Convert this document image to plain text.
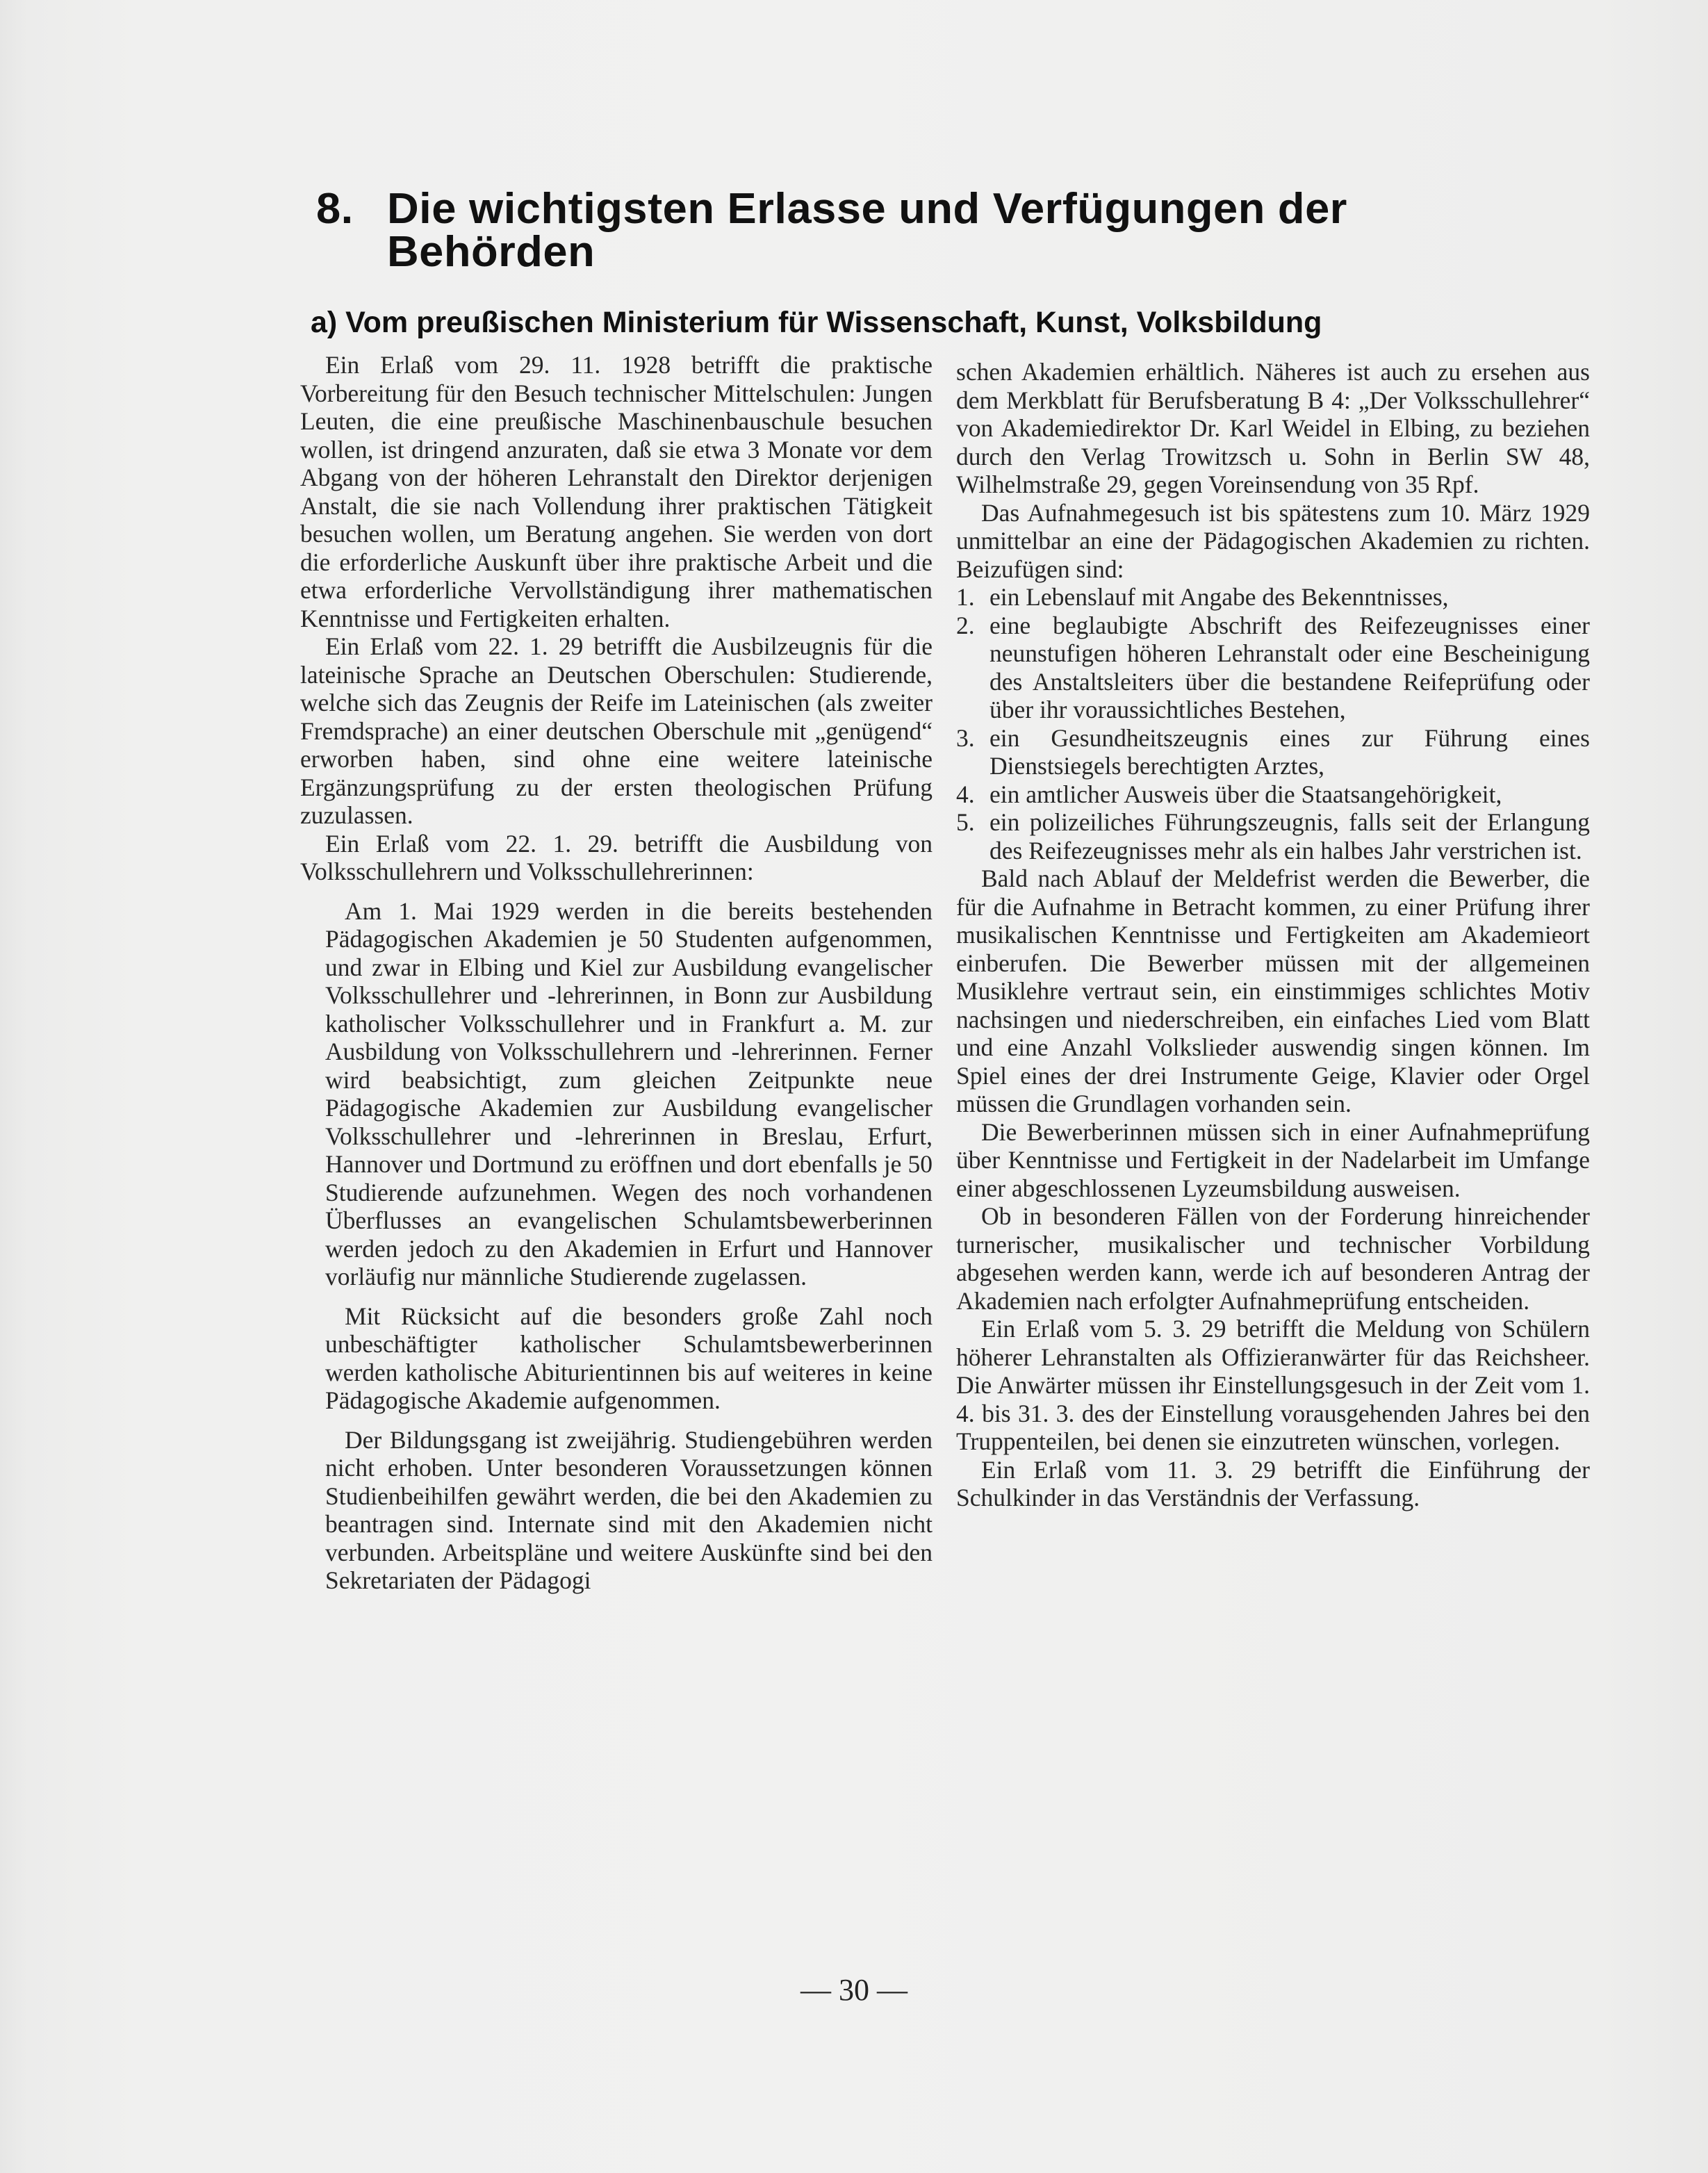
8. Die wichtigsten Erlasse und Verfügungen der
Behörden
a) Vom preußischen Ministerium für Wissenschaft, Kunst, Volksbildung

Ein Erlaß vom 29. 11. 1928 betrifft die praktische Vorbereitung für den Besuch technischer Mittelschulen: Jungen Leuten, die eine preußische Maschinenbauschule besuchen wollen, ist dringend anzuraten, daß sie etwa 3 Monate vor dem Abgang von der höheren Lehranstalt den Direktor derjenigen Anstalt, die sie nach Vollendung ihrer praktischen Tätigkeit besuchen wollen, um Beratung angehen. Sie werden von dort die erforderliche Auskunft über ihre praktische Arbeit und die etwa erforderliche Vervollständigung ihrer mathematischen Kenntnisse und Fertigkeiten erhalten.

Ein Erlaß vom 22. 1. 29 betrifft die Ausbilzeugnis für die lateinische Sprache an Deutschen Oberschulen: Studierende, welche sich das Zeugnis der Reife im Lateinischen (als zweiter Fremdsprache) an einer deutschen Oberschule mit „genügend“ erworben haben, sind ohne eine weitere lateinische Ergänzungsprüfung zu der ersten theologischen Prüfung zuzulassen.

Ein Erlaß vom 22. 1. 29. betrifft die Ausbildung von Volksschullehrern und Volksschullehrerinnen:

Am 1. Mai 1929 werden in die bereits bestehenden Pädagogischen Akademien je 50 Studenten aufgenommen, und zwar in Elbing und Kiel zur Ausbildung evangelischer Volksschullehrer und -lehrerinnen, in Bonn zur Ausbildung katholischer Volksschullehrer und in Frankfurt a. M. zur Ausbildung von Volksschullehrern und -lehrerinnen. Ferner wird beabsichtigt, zum gleichen Zeitpunkte neue Pädagogische Akademien zur Ausbildung evangelischer Volksschullehrer und -lehrerinnen in Breslau, Erfurt, Hannover und Dortmund zu eröffnen und dort ebenfalls je 50 Studierende aufzunehmen. Wegen des noch vorhandenen Überflusses an evangelischen Schulamtsbewerberinnen werden jedoch zu den Akademien in Erfurt und Hannover vorläufig nur männliche Studierende zugelassen.

Mit Rücksicht auf die besonders große Zahl noch unbeschäftigter katholischer Schulamtsbewerberinnen werden katholische Abiturientinnen bis auf weiteres in keine Pädagogische Akademie aufgenommen.

Der Bildungsgang ist zweijährig. Studiengebühren werden nicht erhoben. Unter besonderen Voraussetzungen können Studienbeihilfen gewährt werden, die bei den Akademien zu beantragen sind. Internate sind mit den Akademien nicht verbunden. Arbeitspläne und weitere Auskünfte sind bei den Sekretariaten der Pädagogi

schen Akademien erhältlich. Näheres ist auch zu ersehen aus dem Merkblatt für Berufsberatung B 4: „Der Volksschullehrer“ von Akademiedirektor Dr. Karl Weidel in Elbing, zu beziehen durch den Verlag Trowitzsch u. Sohn in Berlin SW 48, Wilhelmstraße 29, gegen Voreinsendung von 35 Rpf.

Das Aufnahmegesuch ist bis spätestens zum 10. März 1929 unmittelbar an eine der Pädagogischen Akademien zu richten. Beizufügen sind:

1. ein Lebenslauf mit Angabe des Bekenntnisses,
2. eine beglaubigte Abschrift des Reifezeugnisses einer neunstufigen höheren Lehranstalt oder eine Bescheinigung des Anstaltsleiters über die bestandene Reifeprüfung oder über ihr voraussichtliches Bestehen,
3. ein Gesundheitszeugnis eines zur Führung eines Dienstsiegels berechtigten Arztes,
4. ein amtlicher Ausweis über die Staatsangehörigkeit,
5. ein polizeiliches Führungszeugnis, falls seit der Erlangung des Reifezeugnisses mehr als ein halbes Jahr verstrichen ist.

Bald nach Ablauf der Meldefrist werden die Bewerber, die für die Aufnahme in Betracht kommen, zu einer Prüfung ihrer musikalischen Kenntnisse und Fertigkeiten am Akademieort einberufen. Die Bewerber müssen mit der allgemeinen Musiklehre vertraut sein, ein einstimmiges schlichtes Motiv nachsingen und niederschreiben, ein einfaches Lied vom Blatt und eine Anzahl Volkslieder auswendig singen können. Im Spiel eines der drei Instrumente Geige, Klavier oder Orgel müssen die Grundlagen vorhanden sein.

Die Bewerberinnen müssen sich in einer Aufnahmeprüfung über Kenntnisse und Fertigkeit in der Nadelarbeit im Umfange einer abgeschlossenen Lyzeumsbildung ausweisen.

Ob in besonderen Fällen von der Forderung hinreichender turnerischer, musikalischer und technischer Vorbildung abgesehen werden kann, werde ich auf besonderen Antrag der Akademien nach erfolgter Aufnahmeprüfung entscheiden.

Ein Erlaß vom 5. 3. 29 betrifft die Meldung von Schülern höherer Lehranstalten als Offizieranwärter für das Reichsheer. Die Anwärter müssen ihr Einstellungsgesuch in der Zeit vom 1. 4. bis 31. 3. des der Einstellung vorausgehenden Jahres bei den Truppenteilen, bei denen sie einzutreten wünschen, vorlegen.

Ein Erlaß vom 11. 3. 29 betrifft die Einführung der Schulkinder in das Verständnis der Verfassung.

— 30 —
